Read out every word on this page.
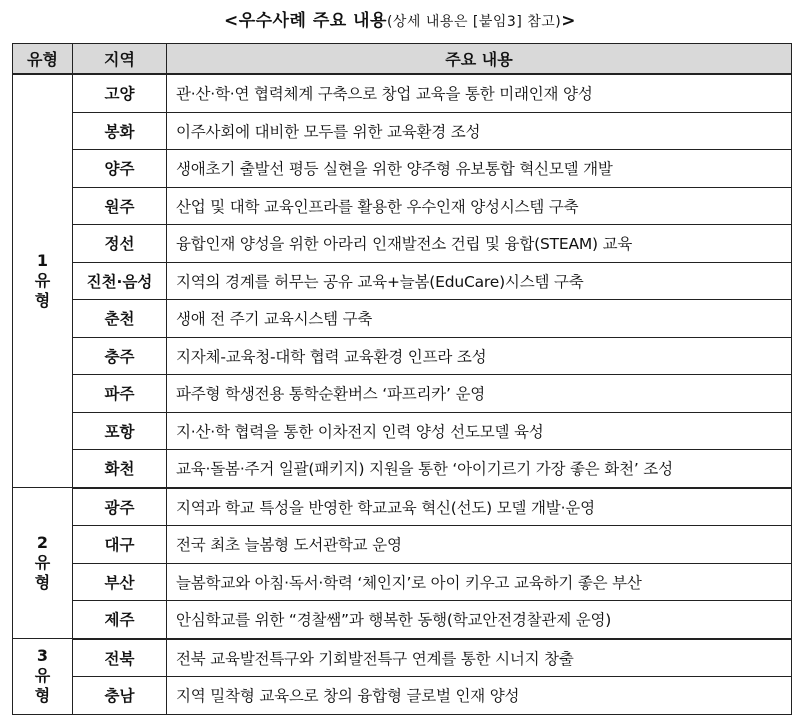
<우수사례 주요 내용(상세 내용은 [붙임3] 참고)>
유형	지역	주요 내용
1유형	고양	관·산·학·연 협력체계 구축으로 창업 교육을 통한 미래인재 양성
	봉화	이주사회에 대비한 모두를 위한 교육환경 조성
	양주	생애초기 출발선 평등 실현을 위한 양주형 유보통합 혁신모델 개발
	원주	산업 및 대학 교육인프라를 활용한 우수인재 양성시스템 구축
	정선	융합인재 양성을 위한 아라리 인재발전소 건립 및 융합(STEAM) 교육
	진천·음성	지역의 경계를 허무는 공유 교육+늘봄(EduCare)시스템 구축
	춘천	생애 전 주기 교육시스템 구축
	충주	지자체-교육청-대학 협력 교육환경 인프라 조성
	파주	파주형 학생전용 통학순환버스 ‘파프리카’ 운영
	포항	지·산·학 협력을 통한 이차전지 인력 양성 선도모델 육성
	화천	교육·돌봄·주거 일괄(패키지) 지원을 통한 ‘아이기르기 가장 좋은 화천’ 조성
2유형	광주	지역과 학교 특성을 반영한 학교교육 혁신(선도) 모델 개발·운영
	대구	전국 최초 늘봄형 도서관학교 운영
	부산	늘봄학교와 아침·독서·학력 ‘체인지’로 아이 키우고 교육하기 좋은 부산
	제주	안심학교를 위한 “경찰쌤”과 행복한 동행(학교안전경찰관제 운영)
3유형	전북	전북 교육발전특구와 기회발전특구 연계를 통한 시너지 창출
	충남	지역 밀착형 교육으로 창의 융합형 글로벌 인재 양성
